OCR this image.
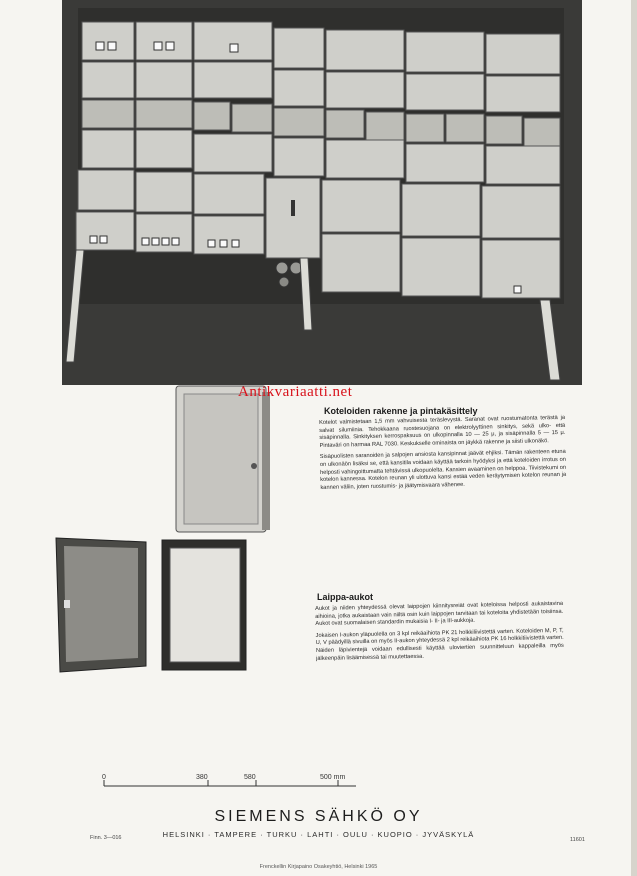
Antikvariaatti.net
Koteloiden rakenne ja pintakäsittely

Kotelot valmistetaan 1,5 mm vahvuisesta teräslevystä. Saranat ovat ruostumatonta terästä ja salvat silumiinia. Tehokkaana ruostesuojana on elektrolyyttinen sinkitys, sekä ulko- että sisäpinnalla. Sinkityksen kerrospaksuus on ulkopinnalla 10 — 25 μ, ja sisäpinnalla 5 — 15 μ. Pintaväri on harmaa RAL 7030. Keskukselle ominaista on jäykkä rakenne ja siisti ulkonäkö.

Sisäpuolisten saranoiden ja salpojen ansiosta kansipinnat jäävät ehjiksi. Tämän rakenteen etuna on ulkonäön lisäksi se, että kansitila voidaan käyttää tarkoin hyödyksi ja että koteloiden irrotus on helposti vahingoittumatta tehtävissä ulkopuolelta. Kansien avaaminen on helppoa. Tiivistekumi on kotelon kannessa. Kotelon reunan yli ulottuva kansi estää veden keräytymisen kotelon reunan ja kannen väliin, joten ruostumis- ja jäätymisvaara vähenee.

Laippa-aukot

Aukot ja niiden yhteydessä olevat laippojen kiinnitysreiät ovat koteloissa helposti aukaistavina aihioina, jotka aukaistaan vain niiltä osin kuin laippojen tarvitaan tai koteloita yhdistetään toisiinsa. Aukot ovat suomalaisen standardin mukaisia I- II- ja III-aukkoja.

Jokaisen I-aukon yläpuolella on 3 kpl reikäaihiota PK 21 holkkiliivistettä varten. Koteloiden M, P, T, U, V päädyillä sivuilla on myös II-aukon yhteydessä 2 kpl reikäaihiota PK 16 holkkitiivistettä varten. Näiden läpivientejä voidaan edullisesti käyttää uloviertien suunnitteluun kappaleilla myös jälkeenpäin lisäämisessä tai muutettaessa.

0	380	580	500 mm
SIEMENS SÄHKÖ OY
HELSINKI · TAMPERE · TURKU · LAHTI · OULU · KUOPIO · JYVÄSKYLÄ
Finn. 3—016	11601
Frenckellin Kirjapaino Osakeyhtiö, Helsinki 1965
